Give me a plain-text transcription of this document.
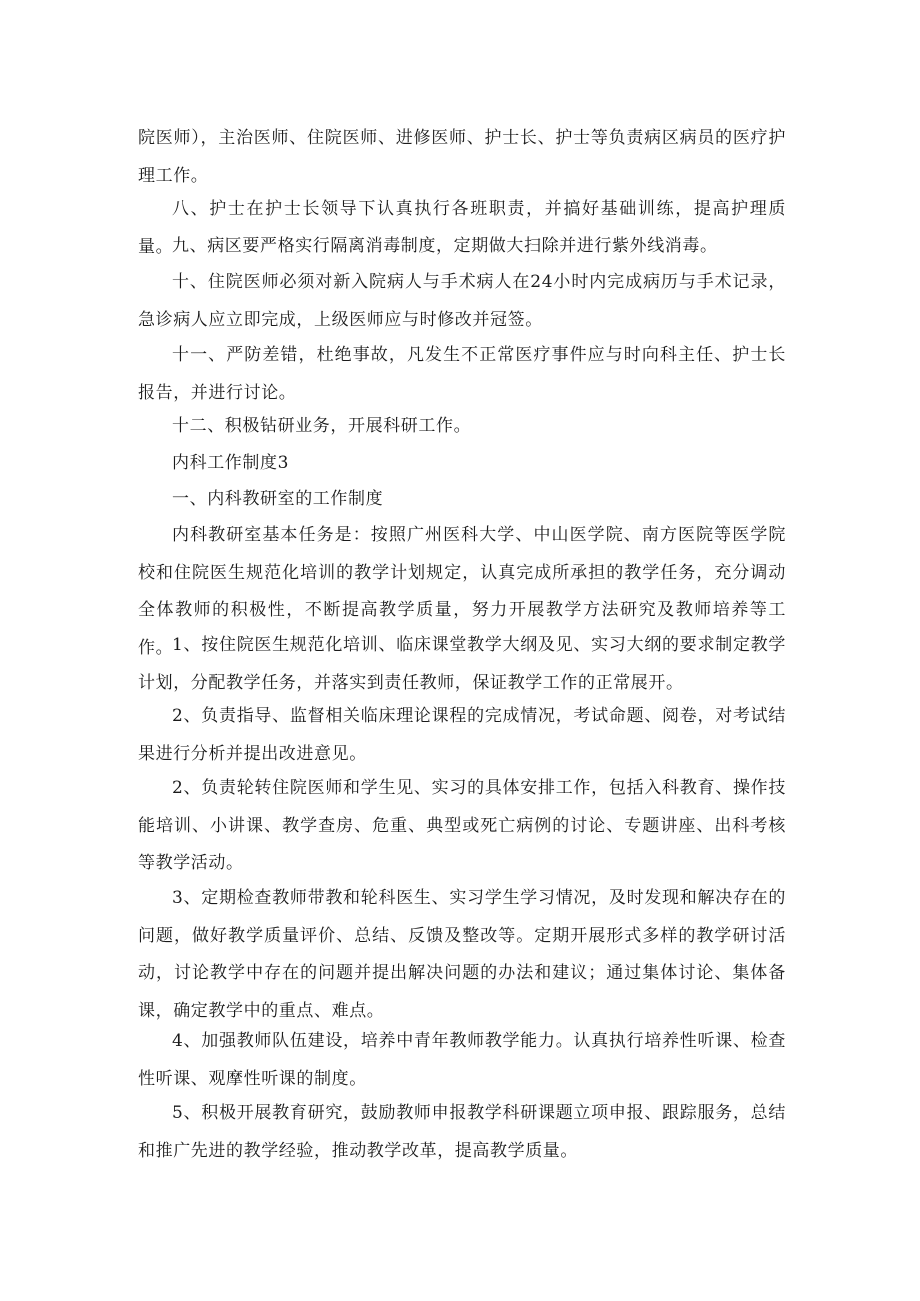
院医师），主治医师、住院医师、进修医师、护士长、护士等负责病区病员的医疗护理工作。

八、护士在护士长领导下认真执行各班职责，并搞好基础训练，提高护理质量。

九、病区要严格实行隔离消毒制度，定期做大扫除并进行紫外线消毒。

十、住院医师必须对新入院病人与手术病人在24小时内完成病历与手术记录，急诊病人应立即完成，上级医师应与时修改并冠签。

十一、严防差错，杜绝事故，凡发生不正常医疗事件应与时向科主任、护士长报告，并进行讨论。

十二、积极钻研业务，开展科研工作。

内科工作制度3

一、内科教研室的工作制度

内科教研室基本任务是：按照广州医科大学、中山医学院、南方医院等医学院校和住院医生规范化培训的教学计划规定，认真完成所承担的教学任务，充分调动全体教师的积极性，不断提高教学质量，努力开展教学方法研究及教师培养等工作。

1、按住院医生规范化培训、临床课堂教学大纲及见、实习大纲的要求制定教学计划，分配教学任务，并落实到责任教师，保证教学工作的正常展开。

2、负责指导、监督相关临床理论课程的完成情况，考试命题、阅卷，对考试结果进行分析并提出改进意见。

2、负责轮转住院医师和学生见、实习的具体安排工作，包括入科教育、操作技能培训、小讲课、教学查房、危重、典型或死亡病例的讨论、专题讲座、出科考核等教学活动。

3、定期检查教师带教和轮科医生、实习学生学习情况，及时发现和解决存在的问题，做好教学质量评价、总结、反馈及整改等。定期开展形式多样的教学研讨活动，讨论教学中存在的问题并提出解决问题的办法和建议；通过集体讨论、集体备课，确定教学中的重点、难点。

4、加强教师队伍建设，培养中青年教师教学能力。认真执行培养性听课、检查性听课、观摩性听课的制度。

5、积极开展教育研究，鼓励教师申报教学科研课题立项申报、跟踪服务，总结和推广先进的教学经验，推动教学改革，提高教学质量。
